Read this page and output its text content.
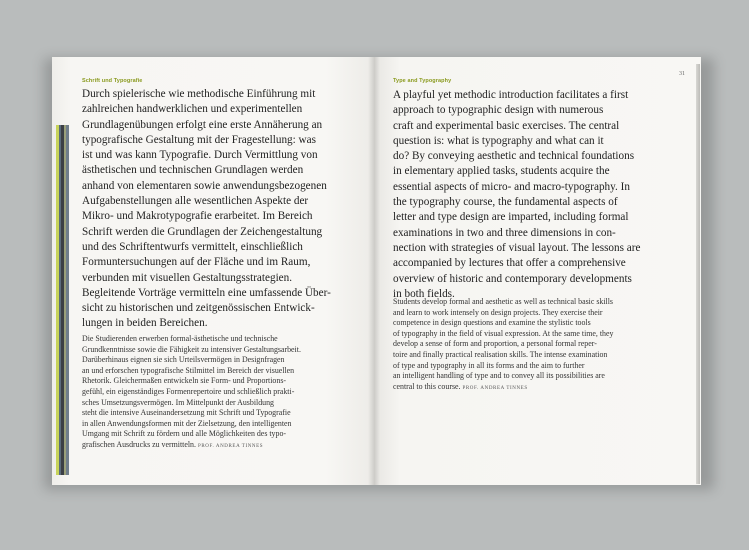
Schrift und Typografie
Durch spielerische wie methodische Einführung mit
zahlreichen handwerklichen und experimentellen
Grundlagenübungen erfolgt eine erste Annäherung an
typografische Gestaltung mit der Fragestellung: was
ist und was kann Typografie. Durch Vermittlung von
ästhetischen und technischen Grundlagen werden
anhand von elementaren sowie anwendungsbezogenen
Aufgabenstellungen alle wesentlichen Aspekte der
Mikro- und Makrotypografie erarbeitet. Im Bereich
Schrift werden die Grundlagen der Zeichengestaltung
und des Schriftentwurfs vermittelt, einschließlich
Formuntersuchungen auf der Fläche und im Raum,
verbunden mit visuellen Gestaltungsstrategien.
Begleitende Vorträge vermitteln eine umfassende Über-
sicht zu historischen und zeitgenössischen Entwick-
lungen in beiden Bereichen.
Die Studierenden erwerben formal-ästhetische und technische
Grundkenntnisse sowie die Fähigkeit zu intensiver Gestaltungsarbeit.
Darüberhinaus eignen sie sich Urteilsvermögen in Designfragen
an und erforschen typografische Stilmittel im Bereich der visuellen
Rhetorik. Gleichermaßen entwickeln sie Form- und Proportions-
gefühl, ein eigenständiges Formenrepertoire und schließlich prakti-
sches Umsetzungsvermögen. Im Mittelpunkt der Ausbildung
steht die intensive Auseinandersetzung mit Schrift und Typografie
in allen Anwendungsformen mit der Zielsetzung, den intelligenten
Umgang mit Schrift zu fördern und alle Möglichkeiten des typo-
grafischen Ausdrucks zu vermitteln. PROF. ANDREA TINNES
Type and Typography
31
A playful yet methodic introduction facilitates a first
approach to typographic design with numerous
craft and experimental basic exercises. The central
question is: what is typography and what can it
do? By conveying aesthetic and technical foundations
in elementary applied tasks, students acquire the
essential aspects of micro- and macro-typography. In
the typography course, the fundamental aspects of
letter and type design are imparted, including formal
examinations in two and three dimensions in con-
nection with strategies of visual layout. The lessons are
accompanied by lectures that offer a comprehensive
overview of historic and contemporary developments
in both fields.
Students develop formal and aesthetic as well as technical basic skills
and learn to work intensely on design projects. They exercise their
competence in design questions and examine the stylistic tools
of typography in the field of visual expression. At the same time, they
develop a sense of form and proportion, a personal formal reper-
toire and finally practical realisation skills. The intense examination
of type and typography in all its forms and the aim to further
an intelligent handling of type and to convey all its possibilities are
central to this course. PROF. ANDREA TINNES
